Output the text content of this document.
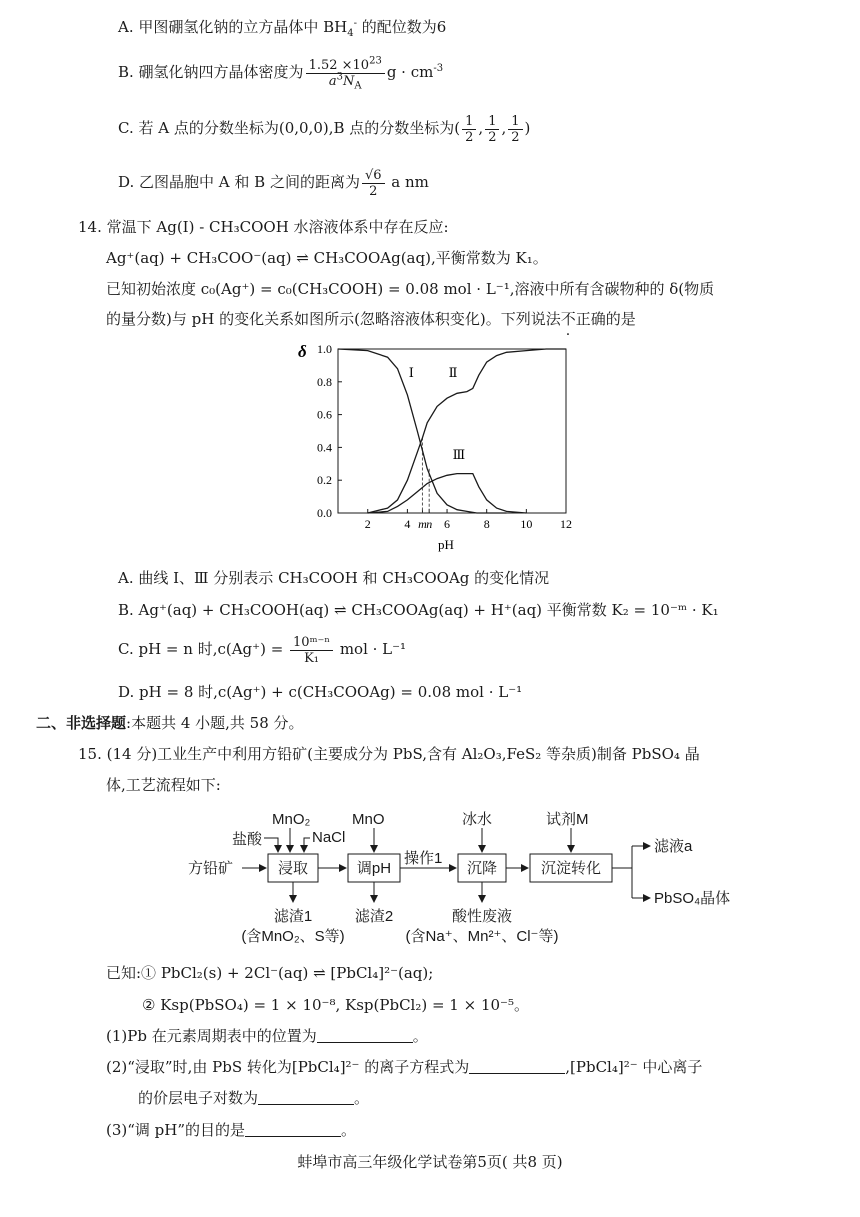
A. 甲图硼氢化钠的立方晶体中 $BH_4^-$ 的配位数为6
B. 硼氢化钠四方晶体密度为 $\frac{1.52 \times 10^{23}}{a^3N_A}$ $g \cdot cm^{-3}$
C. 若 A 点的分数坐标为(0,0,0),B 点的分数坐标为( $\frac{1}{2}$ , $\frac{1}{2}$ , $\frac{1}{2}$ )
D. 乙图晶胞中 A 和 B 之间的距离为 $\frac{√6}{2}$ a nm
14. 常温下 Ag(I) - CH₃COOH 水溶液体系中存在反应:
Ag⁺(aq) + CH₃COO⁻(aq) ⇌ CH₃COOAg(aq),平衡常数为 K₁。
已知初始浓度 c₀(Ag⁺) = c₀(CH₃COOH) = 0.08 mol · L⁻¹,溶液中所有含碳物种的 δ(物质
的量分数)与 pH 的变化关系如图所示(忽略溶液体积变化)。下列说法不正确的是
0.0
0.2
0.4
0.6
0.8
1.0
2	4 m n 6	8	10 12
Ⅰ	Ⅱ
Ⅲ
δ
pH
A. 曲线 Ⅰ、Ⅲ 分别表示 CH₃COOH 和 CH₃COOAg 的变化情况
B. Ag⁺(aq) + CH₃COOH(aq) ⇌ CH₃COOAg(aq) + H⁺(aq) 平衡常数 K₂ = 10⁻ᵐ · K₁
C. pH = n 时$,c(Ag^+) = \frac{\text{10ᵐ⁻ⁿ}}{\text{K₁}}$ mol · L⁻¹
D. pH = 8 时,c(Ag⁺) + c(CH₃COOAg) = 0.08 mol · L⁻¹
二、非选择题:本题共 4 小题,共 58 分。
15. (14 分)工业生产中利用方铅矿(主要成分为 PbS,含有 Al₂O₃,FeS₂ 等杂质)制备 PbSO₄ 晶
体,工艺流程如下:
浸取	调pH	沉降	沉淀转化
方铅矿
操作1
滤液a
PbSO₄晶体
盐酸
MnO₂
NaCl
MnO	冰水	试剂M
滤渣1
(含MnO₂、S等)
滤渣2	酸性废液
(含Na⁺、Mn²⁺、Cl⁻等)
已知:① PbCl₂(s) + 2Cl⁻(aq) ⇌ [PbCl₄]²⁻(aq);
② Ksp(PbSO₄) = 1 × 10⁻⁸, Ksp(PbCl₂) = 1 × 10⁻⁵。
(1)Pb 在元素周期表中的位置为	。
(2)“浸取”时,由 PbS 转化为[PbCl₄]²⁻ 的离子方程式为	,[PbCl₄]²⁻ 中心离子
的价层电子对数为	。
(3)“调 pH”的目的是	。
蚌埠市高三年级化学试卷第5页( 共8 页)
